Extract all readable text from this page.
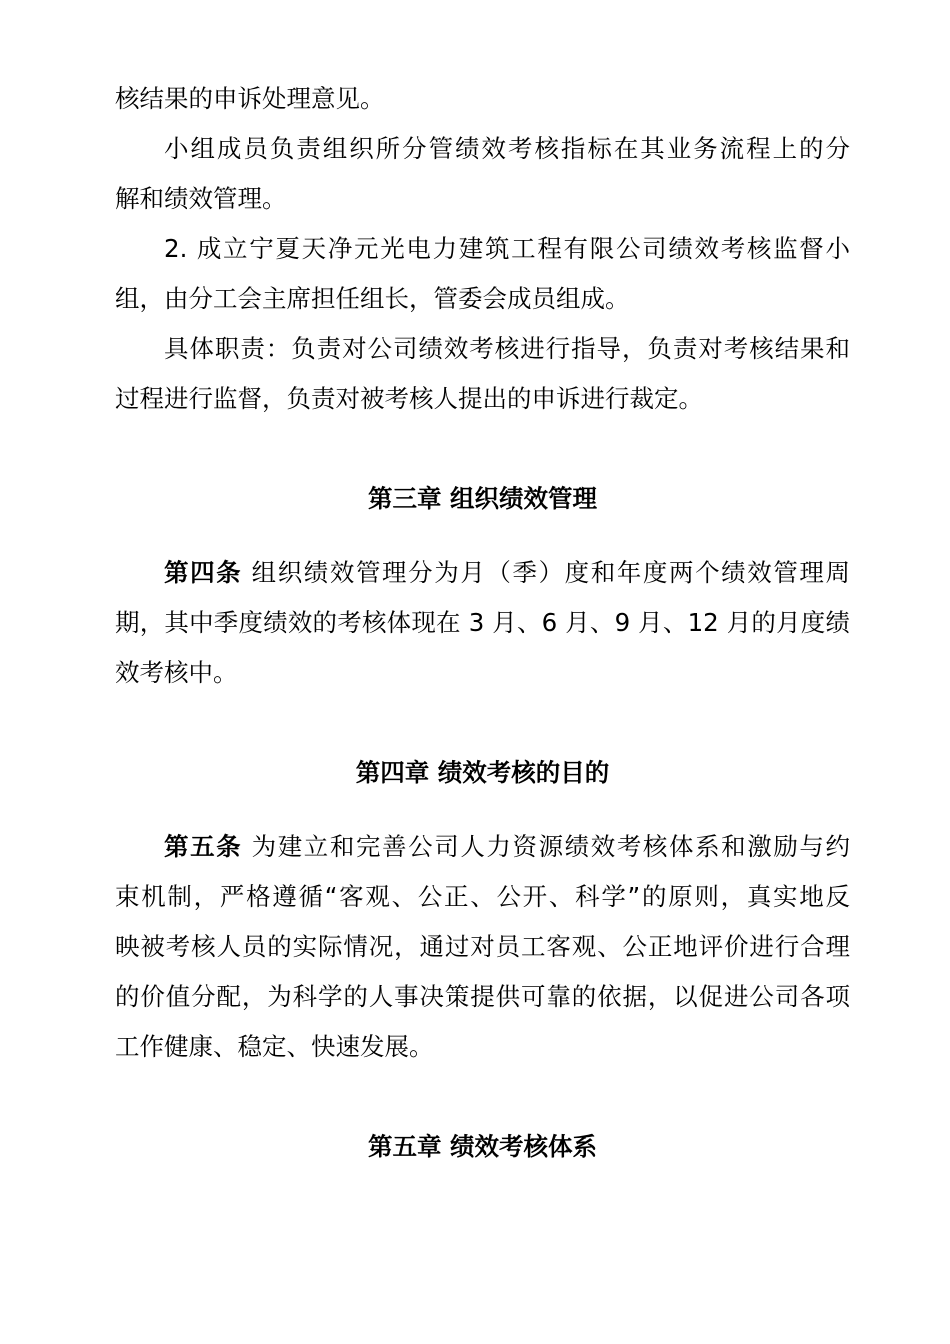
核结果的申诉处理意见。
小组成员负责组织所分管绩效考核指标在其业务流程上的分
解和绩效管理。
2. 成立宁夏天净元光电力建筑工程有限公司绩效考核监督小
组，由分工会主席担任组长，管委会成员组成。
具体职责：负责对公司绩效考核进行指导，负责对考核结果和
过程进行监督，负责对被考核人提出的申诉进行裁定。
第三章 组织绩效管理
第四条 组织绩效管理分为月（季）度和年度两个绩效管理周
期，其中季度绩效的考核体现在 3 月、6 月、9 月、12 月的月度绩
效考核中。
第四章 绩效考核的目的
第五条 为建立和完善公司人力资源绩效考核体系和激励与约
束机制，严格遵循“客观、公正、公开、科学”的原则，真实地反
映被考核人员的实际情况，通过对员工客观、公正地评价进行合理
的价值分配，为科学的人事决策提供可靠的依据，以促进公司各项
工作健康、稳定、快速发展。
第五章 绩效考核体系
